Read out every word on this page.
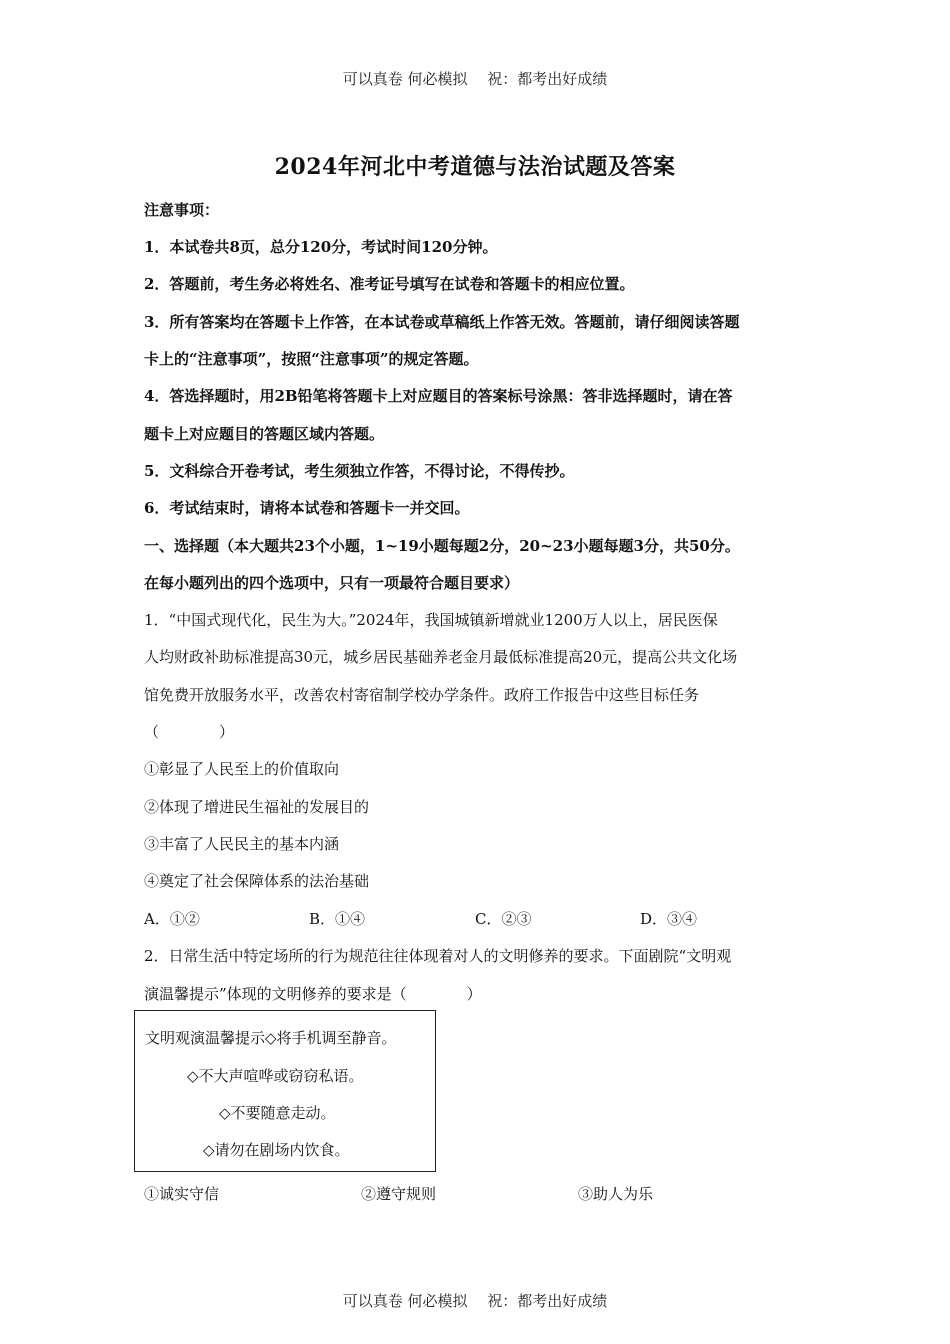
可以真卷 何必模拟　 祝：都考出好成绩
2024年河北中考道德与法治试题及答案
注意事项：
1．本试卷共8页，总分120分，考试时间120分钟。
2．答题前，考生务必将姓名、准考证号填写在试卷和答题卡的相应位置。
3．所有答案均在答题卡上作答，在本试卷或草稿纸上作答无效。答题前，请仔细阅读答题
卡上的“注意事项”，按照“注意事项”的规定答题。
4．答选择题时，用2B铅笔将答题卡上对应题目的答案标号涂黑：答非选择题时，请在答
题卡上对应题目的答题区域内答题。
5．文科综合开卷考试，考生须独立作答，不得讨论，不得传抄。
6．考试结束时，请将本试卷和答题卡一并交回。
一、选择题（本大题共23个小题，1~19小题每题2分，20~23小题每题3分，共50分。
在每小题列出的四个选项中，只有一项最符合题目要求）
1．“中国式现代化，民生为大。”2024年，我国城镇新增就业1200万人以上，居民医保
人均财政补助标准提高30元，城乡居民基础养老金月最低标准提高20元，提高公共文化场
馆免费开放服务水平，改善农村寄宿制学校办学条件。政府工作报告中这些目标任务
（　　　　）
①彰显了人民至上的价值取向
②体现了增进民生福祉的发展目的
③丰富了人民民主的基本内涵
④奠定了社会保障体系的法治基础
A．①②	B．①④	C．②③	D．③④
2．日常生活中特定场所的行为规范往往体现着对人的文明修养的要求。下面剧院“文明观
演温馨提示”体现的文明修养的要求是（　　　　）
文明观演温馨提示◇将手机调至静音。
◇不大声喧哗或窃窃私语。
◇不要随意走动。
◇请勿在剧场内饮食。
①诚实守信	②遵守规则	③助人为乐
可以真卷 何必模拟　 祝：都考出好成绩
